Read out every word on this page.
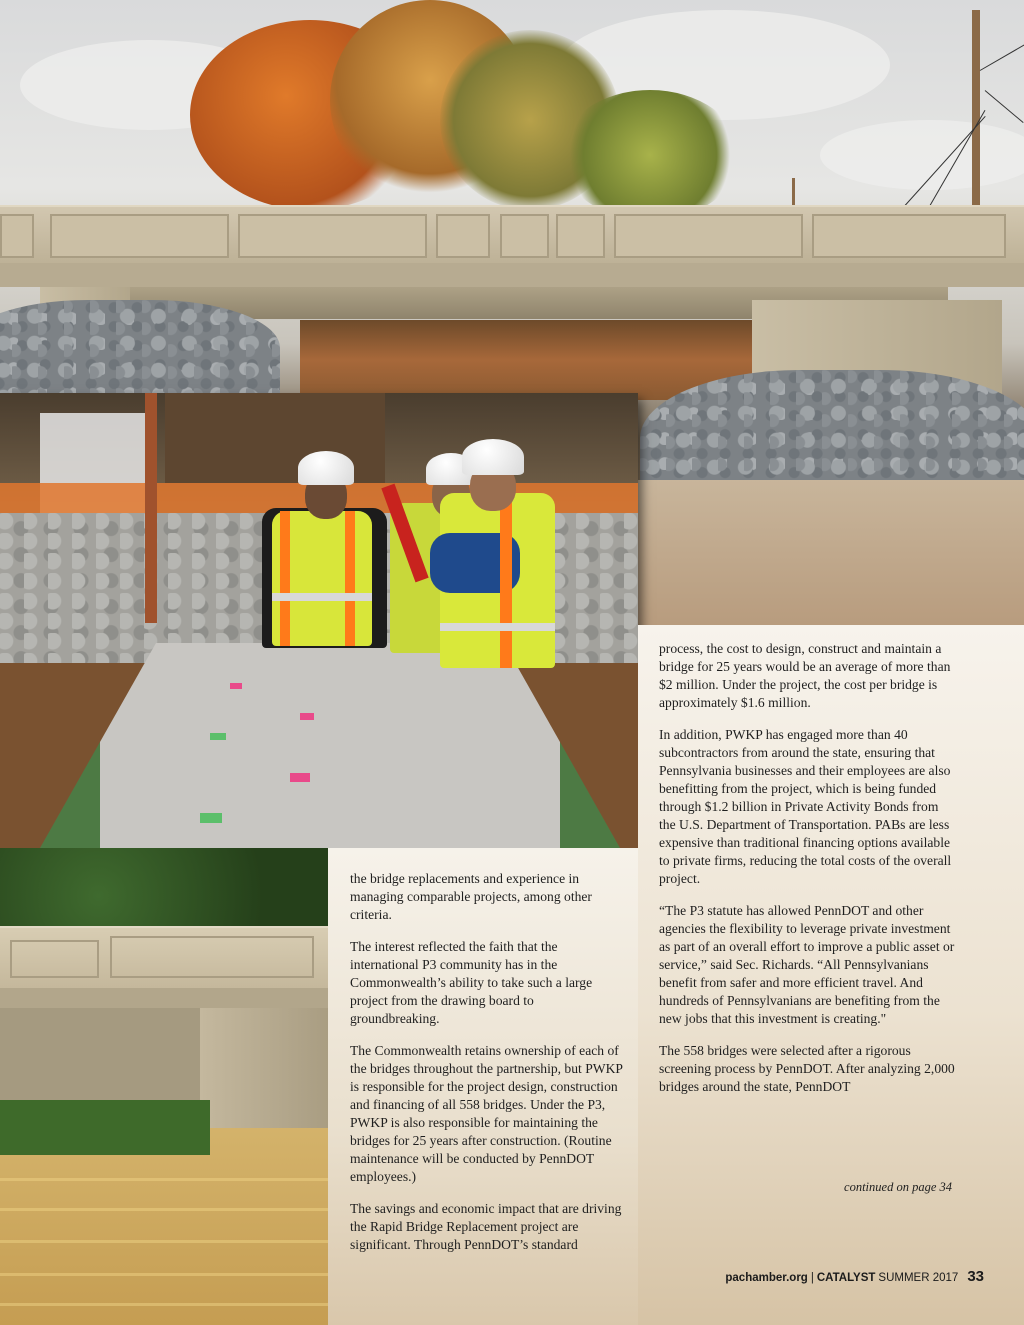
process, the cost to design, construct and maintain a bridge for 25 years would be an average of more than $2 million. Under the project, the cost per bridge is approximately $1.6 million.

In addition, PWKP has engaged more than 40 subcontractors from around the state, ensuring that Pennsylvania businesses and their employees are also benefitting from the project, which is being funded through $1.2 billion in Private Activity Bonds from the U.S. Department of Transportation. PABs are less expensive than traditional financing options available to private firms, reducing the total costs of the overall project.

“The P3 statute has allowed PennDOT and other agencies the flexibility to leverage private investment as part of an overall effort to improve a public asset or service,” said Sec. Richards. “All Pennsylvanians benefit from safer and more efficient travel. And hundreds of Pennsylvanians are benefiting from the new jobs that this investment is creating."

The 558 bridges were selected after a rigorous screening process by PennDOT. After analyzing 2,000 bridges around the state, PennDOT

the bridge replacements and experience in managing comparable projects, among other criteria.

The interest reflected the faith that the international P3 community has in the Commonwealth’s ability to take such a large project from the drawing board to groundbreaking.

The Commonwealth retains ownership of each of the bridges throughout the partnership, but PWKP is responsible for the project design, construction and financing of all 558 bridges. Under the P3, PWKP is also responsible for maintaining the bridges for 25 years after construction. (Routine maintenance will be conducted by PennDOT employees.)

The savings and economic impact that are driving the Rapid Bridge Replacement project are significant. Through PennDOT’s standard

continued on page 34
pachamber.org | CATALYST SUMMER 2017 33
